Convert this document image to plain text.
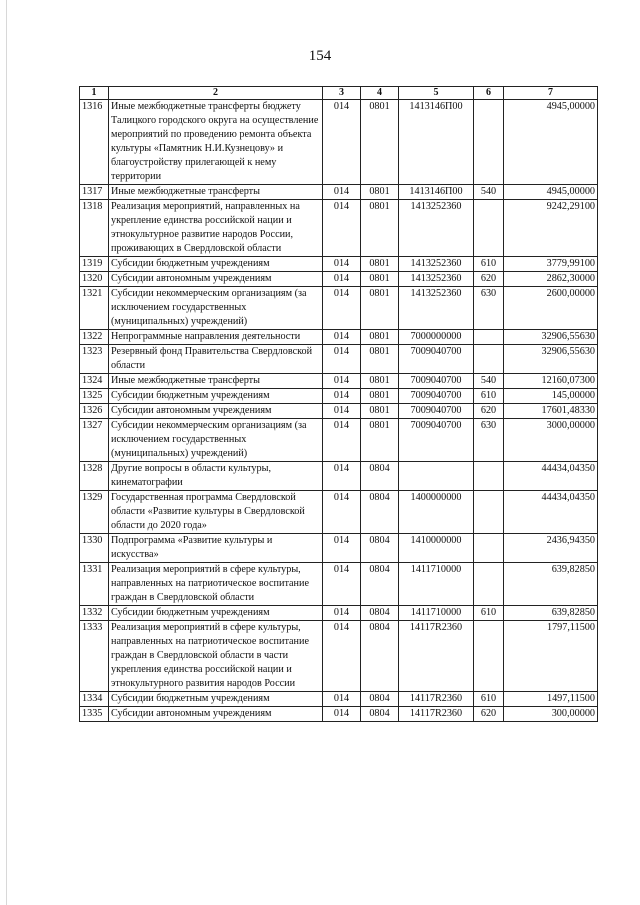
154
1	2	3	4	5	6	7
1316	Иные межбюджетные трансферты бюджету Талицкого городского округа на осуществление мероприятий по проведению ремонта объекта культуры «Памятник Н.И.Кузнецову» и благоустройству прилегающей к нему территории	014	0801	1413146П00		4945,00000
1317	Иные межбюджетные трансферты	014	0801	1413146П00	540	4945,00000
1318	Реализация мероприятий, направленных на укрепление единства российской нации и этнокультурное развитие народов России, проживающих в Свердловской области	014	0801	1413252360		9242,29100
1319	Субсидии бюджетным учреждениям	014	0801	1413252360	610	3779,99100
1320	Субсидии автономным учреждениям	014	0801	1413252360	620	2862,30000
1321	Субсидии некоммерческим организациям (за исключением государственных (муниципальных) учреждений)	014	0801	1413252360	630	2600,00000
1322	Непрограммные направления деятельности	014	0801	7000000000		32906,55630
1323	Резервный фонд Правительства Свердловской области	014	0801	7009040700		32906,55630
1324	Иные межбюджетные трансферты	014	0801	7009040700	540	12160,07300
1325	Субсидии бюджетным учреждениям	014	0801	7009040700	610	145,00000
1326	Субсидии автономным учреждениям	014	0801	7009040700	620	17601,48330
1327	Субсидии некоммерческим организациям (за исключением государственных (муниципальных) учреждений)	014	0801	7009040700	630	3000,00000
1328	Другие вопросы в области культуры, кинематографии	014	0804			44434,04350
1329	Государственная программа Свердловской области «Развитие культуры в Свердловской области до 2020 года»	014	0804	1400000000		44434,04350
1330	Подпрограмма «Развитие культуры и искусства»	014	0804	1410000000		2436,94350
1331	Реализация мероприятий в сфере культуры, направленных на патриотическое воспитание граждан в Свердловской области	014	0804	1411710000		639,82850
1332	Субсидии бюджетным учреждениям	014	0804	1411710000	610	639,82850
1333	Реализация мероприятий в сфере культуры, направленных на патриотическое воспитание граждан в Свердловской области в части укрепления единства российской нации и этнокультурного развития народов России	014	0804	14117R2360		1797,11500
1334	Субсидии бюджетным учреждениям	014	0804	14117R2360	610	1497,11500
1335	Субсидии автономным учреждениям	014	0804	14117R2360	620	300,00000
